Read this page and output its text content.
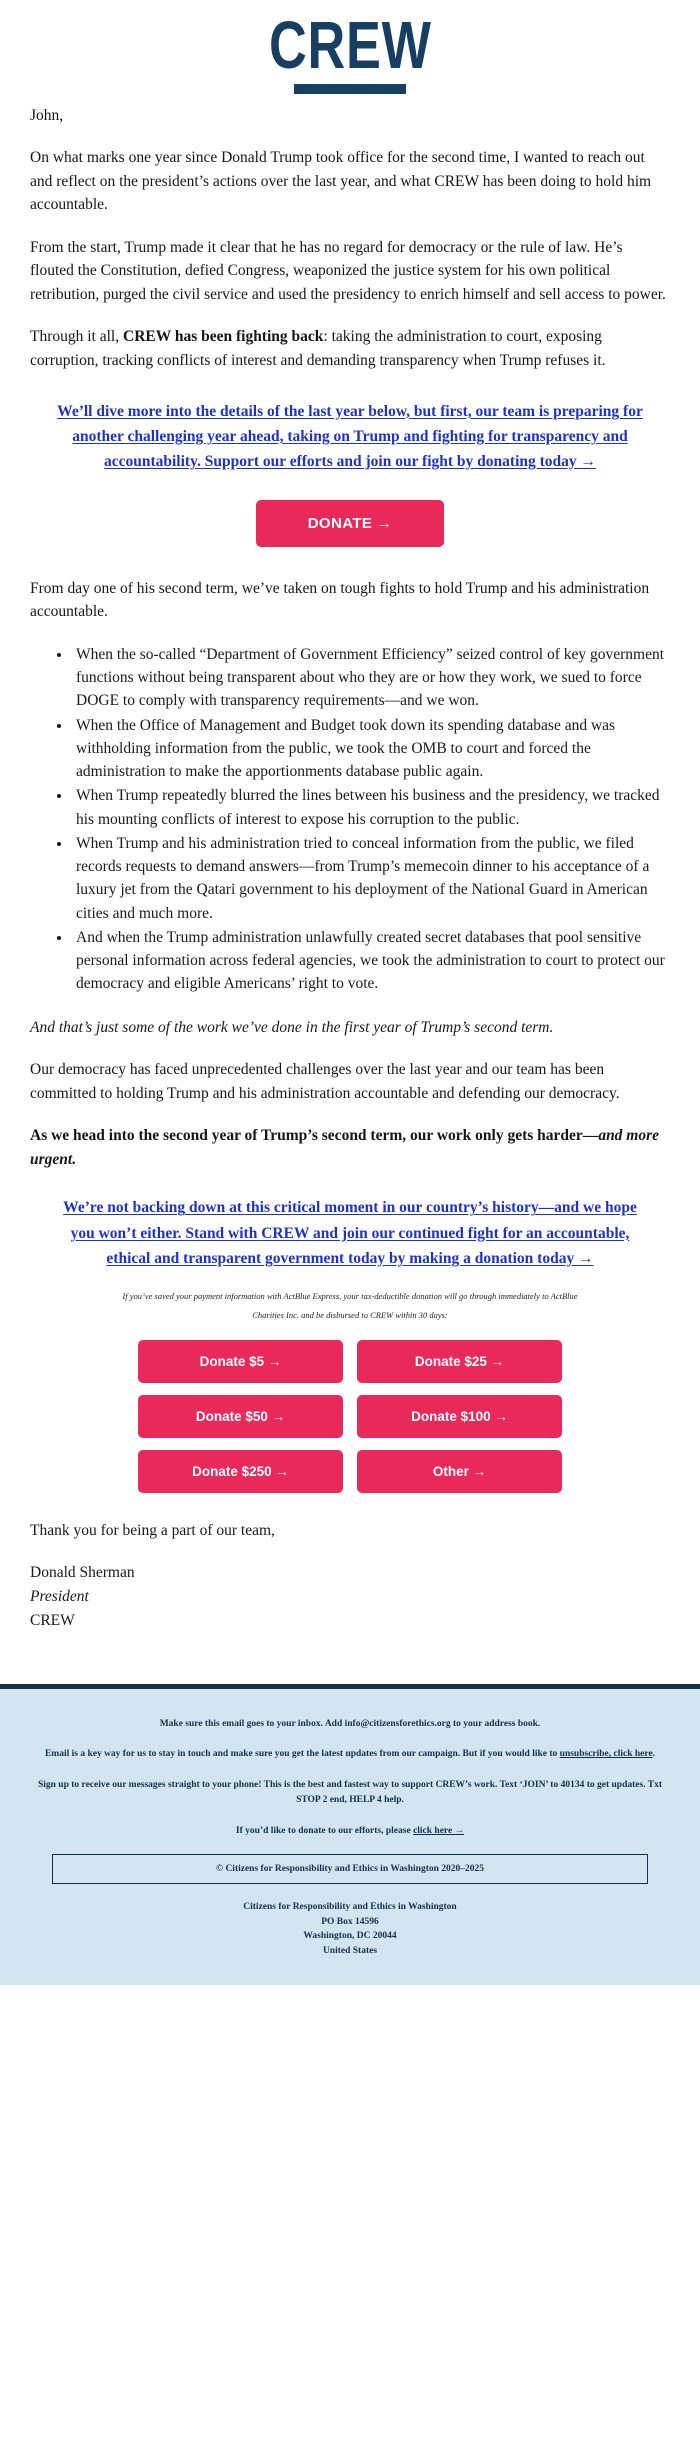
CREW

John,

On what marks one year since Donald Trump took office for the second time, I wanted to reach out and reflect on the president’s actions over the last year, and what CREW has been doing to hold him accountable.

From the start, Trump made it clear that he has no regard for democracy or the rule of law. He’s flouted the Constitution, defied Congress, weaponized the justice system for his own political retribution, purged the civil service and used the presidency to enrich himself and sell access to power.

Through it all, CREW has been fighting back: taking the administration to court, exposing corruption, tracking conflicts of interest and demanding transparency when Trump refuses it.

We’ll dive more into the details of the last year below, but first, our team is preparing for another challenging year ahead, taking on Trump and fighting for transparency and accountability. Support our efforts and join our fight by donating today →
DONATE →

From day one of his second term, we’ve taken on tough fights to hold Trump and his administration accountable.

• When the so-called “Department of Government Efficiency” seized control of key government functions without being transparent about who they are or how they work, we sued to force DOGE to comply with transparency requirements—and we won.
• When the Office of Management and Budget took down its spending database and was withholding information from the public, we took the OMB to court and forced the administration to make the apportionments database public again.
• When Trump repeatedly blurred the lines between his business and the presidency, we tracked his mounting conflicts of interest to expose his corruption to the public.
• When Trump and his administration tried to conceal information from the public, we filed records requests to demand answers—from Trump’s memecoin dinner to his acceptance of a luxury jet from the Qatari government to his deployment of the National Guard in American cities and much more.
• And when the Trump administration unlawfully created secret databases that pool sensitive personal information across federal agencies, we took the administration to court to protect our democracy and eligible Americans’ right to vote.

And that’s just some of the work we’ve done in the first year of Trump’s second term.

Our democracy has faced unprecedented challenges over the last year and our team has been committed to holding Trump and his administration accountable and defending our democracy.

As we head into the second year of Trump’s second term, our work only gets harder—and more urgent.

We’re not backing down at this critical moment in our country’s history—and we hope you won’t either. Stand with CREW and join our continued fight for an accountable, ethical and transparent government today by making a donation today →
If you’ve saved your payment information with ActBlue Express, your tax-deductible donation will go through immediately to ActBlue
Charities Inc. and be disbursed to CREW within 30 days:
Donate $5 →	Donate $25 →
Donate $50 →	Donate $100 →
Donate $250 →	Other →

Thank you for being a part of our team,

Donald Sherman

President

CREW

Make sure this email goes to your inbox. Add info@citizensforethics.org to your address book.

Email is a key way for us to stay in touch and make sure you get the latest updates from our campaign. But if you would like to unsubscribe, click here.

Sign up to receive our messages straight to your phone! This is the best and fastest way to support CREW’s work. Text ‘JOIN’ to 40134 to get updates. Txt STOP 2 end, HELP 4 help.

If you’d like to donate to our efforts, please click here →

© Citizens for Responsibility and Ethics in Washington 2020–2025
Citizens for Responsibility and Ethics in Washington
PO Box 14596
Washington, DC 20044
United States
